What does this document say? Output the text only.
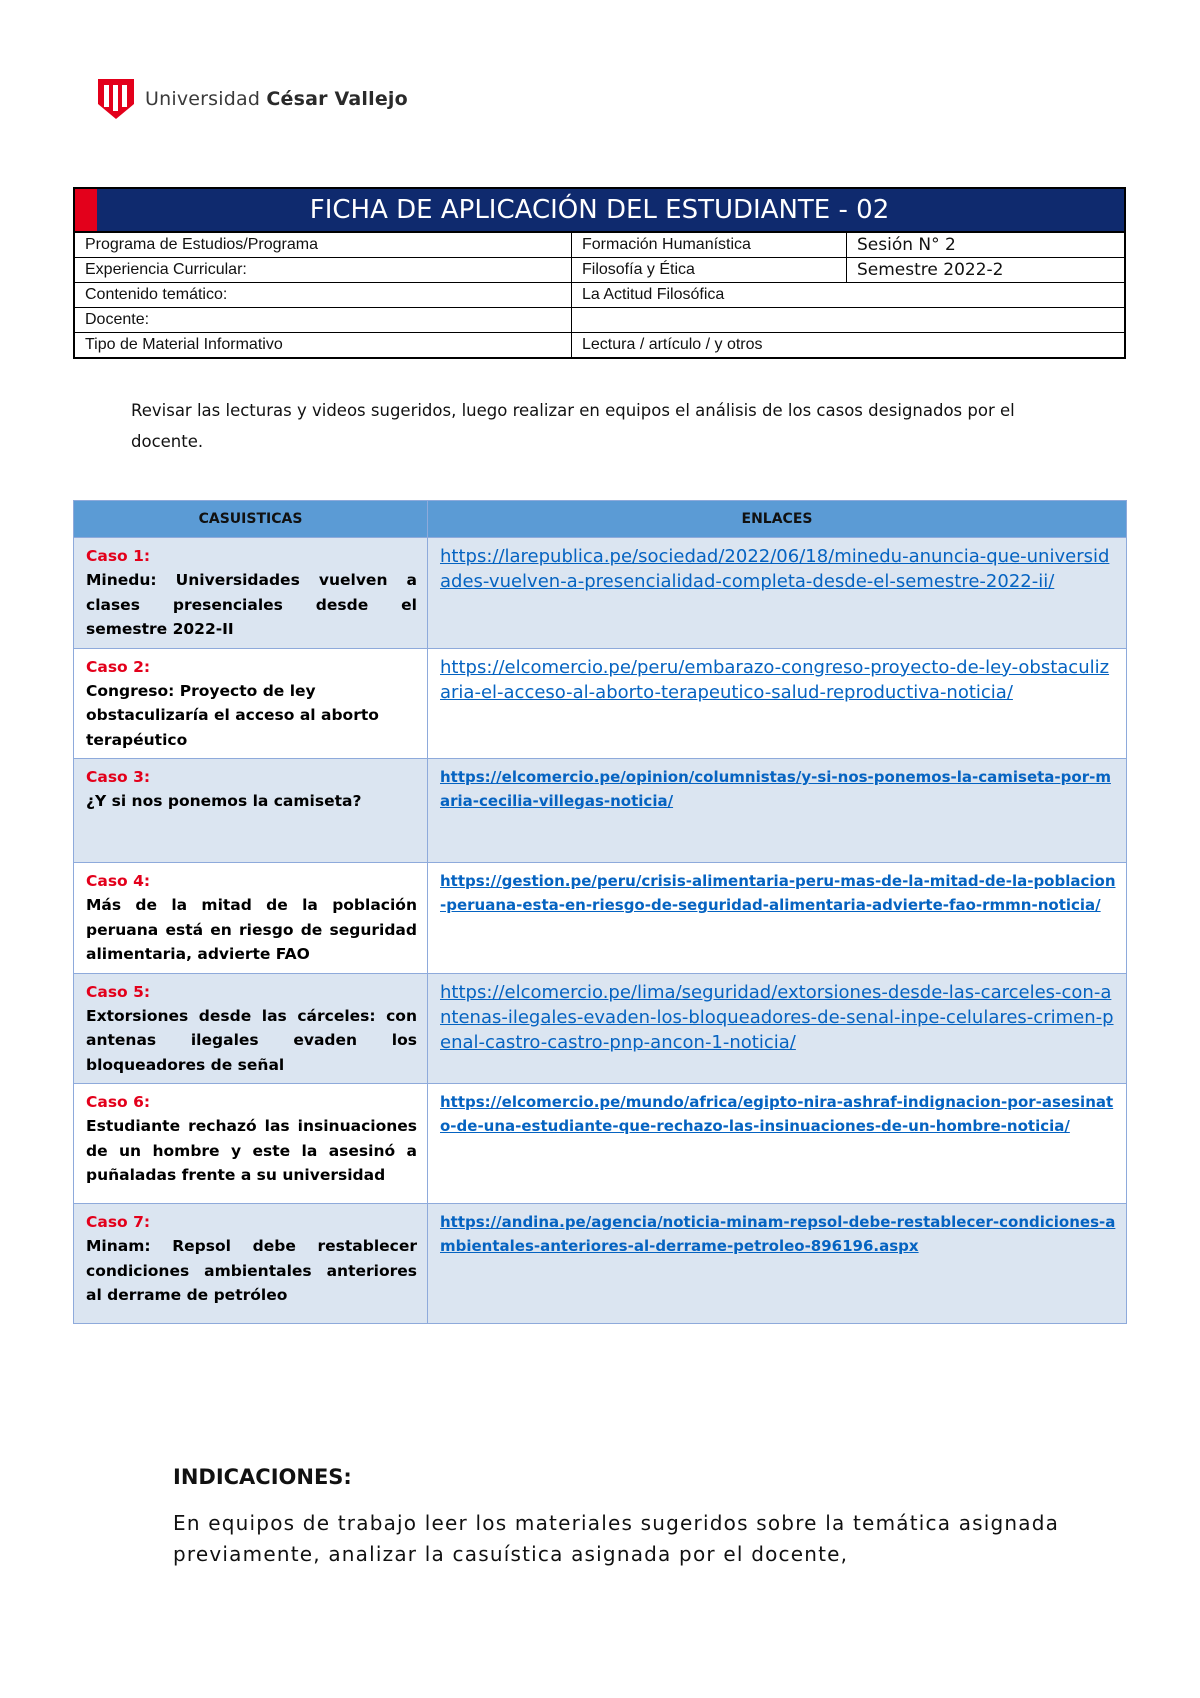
Universidad César Vallejo
FICHA DE APLICACIÓN DEL ESTUDIANTE - 02
Programa de Estudios/Programa	Formación Humanística	Sesión N° 2
Experiencia Curricular:	Filosofía y Ética	Semestre 2022-2
Contenido temático:	La Actitud Filosófica
Docente:
Tipo de Material Informativo	Lectura / artículo / y otros
Revisar las lecturas y videos sugeridos, luego realizar en equipos el análisis de los casos designados por el docente.
CASUISTICAS	ENLACES

Caso 1:
Minedu: Universidades vuelven a clases presenciales desde el semestre 2022-II	https://larepublica.pe/sociedad/2022/06/18/minedu-anuncia-que-universidades-vuelven-a-presencialidad-completa-desde-el-semestre-2022-ii/

Caso 2:
Congreso: Proyecto de ley obstaculizaría el acceso al aborto terapéutico	https://elcomercio.pe/peru/embarazo-congreso-proyecto-de-ley-obstaculizaria-el-acceso-al-aborto-terapeutico-salud-reproductiva-noticia/

Caso 3:
¿Y si nos ponemos la camiseta?	https://elcomercio.pe/opinion/columnistas/y-si-nos-ponemos-la-camiseta-por-maria-cecilia-villegas-noticia/

Caso 4:
Más de la mitad de la población peruana está en riesgo de seguridad alimentaria, advierte FAO	https://gestion.pe/peru/crisis-alimentaria-peru-mas-de-la-mitad-de-la-poblacion-peruana-esta-en-riesgo-de-seguridad-alimentaria-advierte-fao-rmmn-noticia/

Caso 5:
Extorsiones desde las cárceles: con antenas ilegales evaden los bloqueadores de señal	https://elcomercio.pe/lima/seguridad/extorsiones-desde-las-carceles-con-antenas-ilegales-evaden-los-bloqueadores-de-senal-inpe-celulares-crimen-penal-castro-castro-pnp-ancon-1-noticia/

Caso 6:
Estudiante rechazó las insinuaciones de un hombre y este la asesinó a puñaladas frente a su universidad	https://elcomercio.pe/mundo/africa/egipto-nira-ashraf-indignacion-por-asesinato-de-una-estudiante-que-rechazo-las-insinuaciones-de-un-hombre-noticia/

Caso 7:
Minam: Repsol debe restablecer condiciones ambientales anteriores al derrame de petróleo	https://andina.pe/agencia/noticia-minam-repsol-debe-restablecer-condiciones-ambientales-anteriores-al-derrame-petroleo-896196.aspx
INDICACIONES:
En equipos de trabajo leer los materiales sugeridos sobre la temática asignada previamente, analizar la casuística asignada por el docente,
